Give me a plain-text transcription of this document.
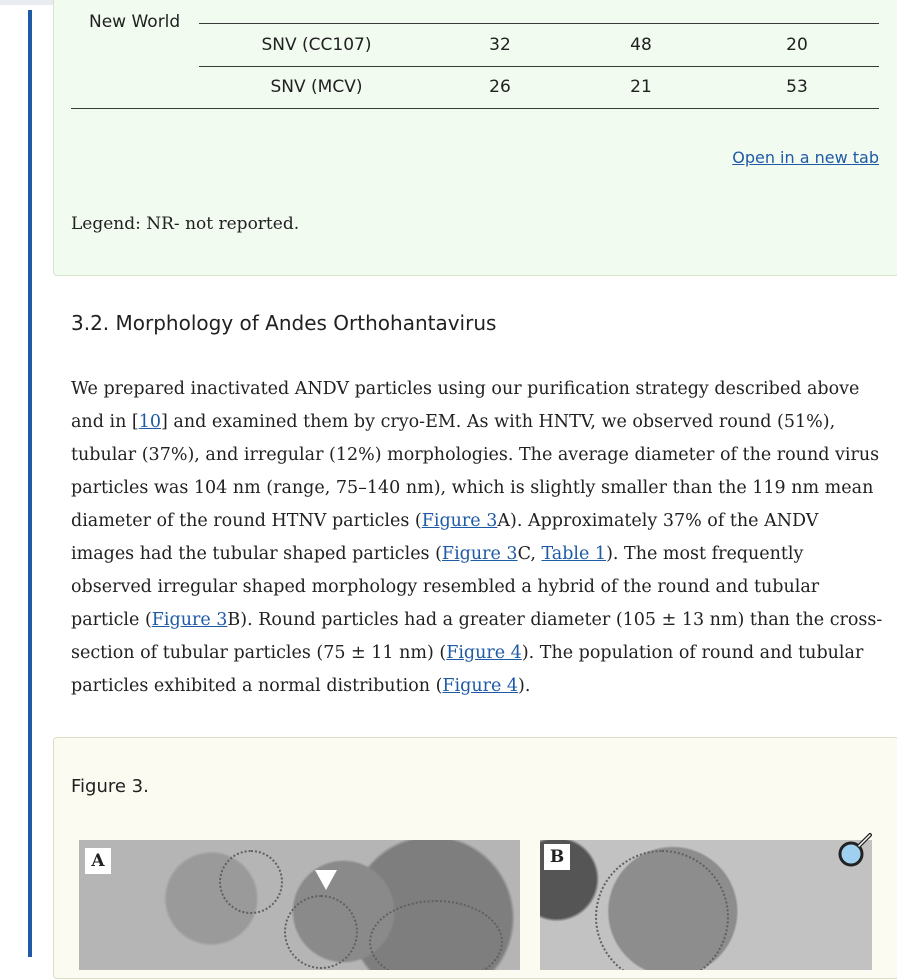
New World
SNV (CC107)	32	48	20
SNV (MCV)	26	21	53
Open in a new tab
Legend: NR- not reported.
3.2. Morphology of Andes Orthohantavirus

We prepared inactivated ANDV particles using our purification strategy described above and in [10] and examined them by cryo-EM. As with HNTV, we observed round (51%), tubular (37%), and irregular (12%) morphologies. The average diameter of the round virus particles was 104 nm (range, 75–140 nm), which is slightly smaller than the 119 nm mean diameter of the round HTNV particles (Figure 3A). Approximately 37% of the ANDV images had the tubular shaped particles (Figure 3C, Table 1). The most frequently observed irregular shaped morphology resembled a hybrid of the round and tubular particle (Figure 3B). Round particles had a greater diameter (105 ± 13 nm) than the cross-section of tubular particles (75 ± 11 nm) (Figure 4). The population of round and tubular particles exhibited a normal distribution (Figure 4).

Figure 3.
A	B
